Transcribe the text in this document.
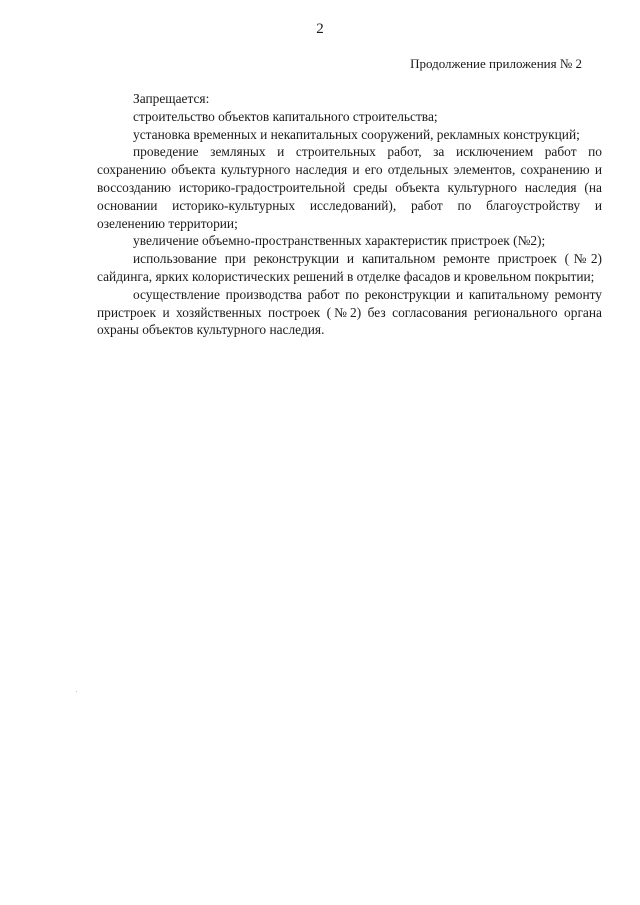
2
Продолжение приложения № 2

Запрещается:

строительство объектов капитального строительства;

установка временных и некапитальных сооружений, рекламных конструкций;

проведение земляных и строительных работ, за исключением работ по сохранению объекта культурного наследия и его отдельных элементов, сохранению и воссозданию историко-градостроительной среды объекта культурного наследия (на основании историко-культурных исследований), работ по благоустройству и озеленению территории;

увеличение объемно-пространственных характеристик пристроек (№2);

использование при реконструкции и капитальном ремонте пристроек (№2) сайдинга, ярких колористических решений в отделке фасадов и кровельном покрытии;

осуществление производства работ по реконструкции и капитальному ремонту пристроек и хозяйственных построек (№2) без согласования регионального органа охраны объектов культурного наследия.
